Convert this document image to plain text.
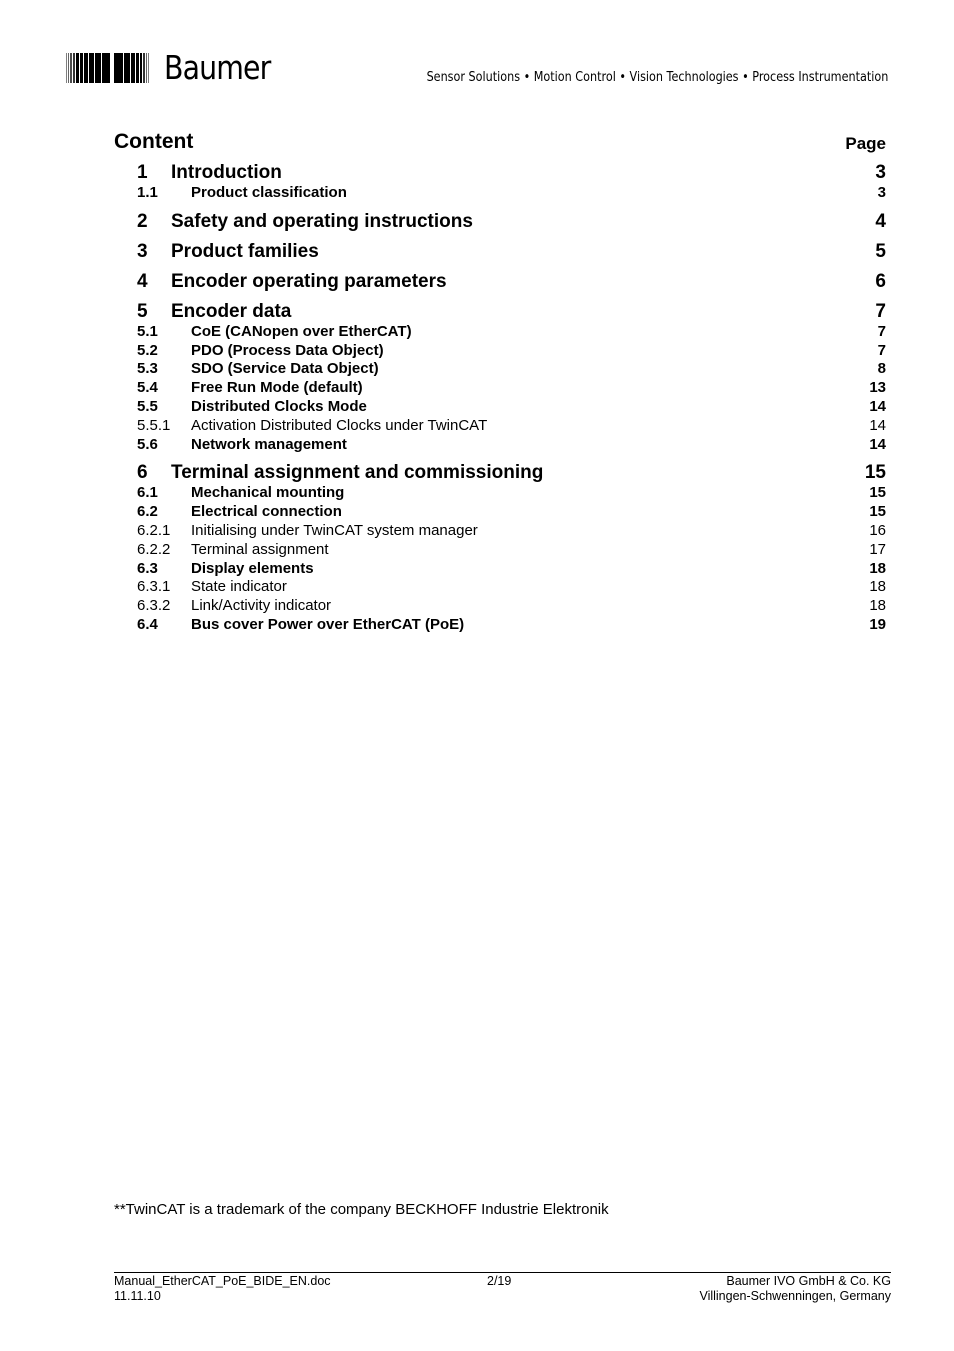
Baumer	Sensor Solutions • Motion Control • Vision Technologies • Process Instrumentation
Content	Page
1 Introduction	3
1.1 Product classification	3
2 Safety and operating instructions	4
3 Product families	5
4 Encoder operating parameters	6
5 Encoder data	7
5.1 CoE (CANopen over EtherCAT)	7
5.2 PDO (Process Data Object)	7
5.3 SDO (Service Data Object)	8
5.4 Free Run Mode (default)	13
5.5 Distributed Clocks Mode	14
5.5.1 Activation Distributed Clocks under TwinCAT	14
5.6 Network management	14
6 Terminal assignment and commissioning	15
6.1 Mechanical mounting	15
6.2 Electrical connection	15
6.2.1 Initialising under TwinCAT system manager	16
6.2.2 Terminal assignment	17
6.3 Display elements	18
6.3.1 State indicator	18
6.3.2 Link/Activity indicator	18
6.4 Bus cover Power over EtherCAT (PoE)	19
**TwinCAT is a trademark of the company BECKHOFF Industrie Elektronik
Manual_EtherCAT_PoE_BIDE_EN.doc
11.11.10
2/19	Baumer IVO GmbH & Co. KG
Villingen-Schwenningen, Germany
